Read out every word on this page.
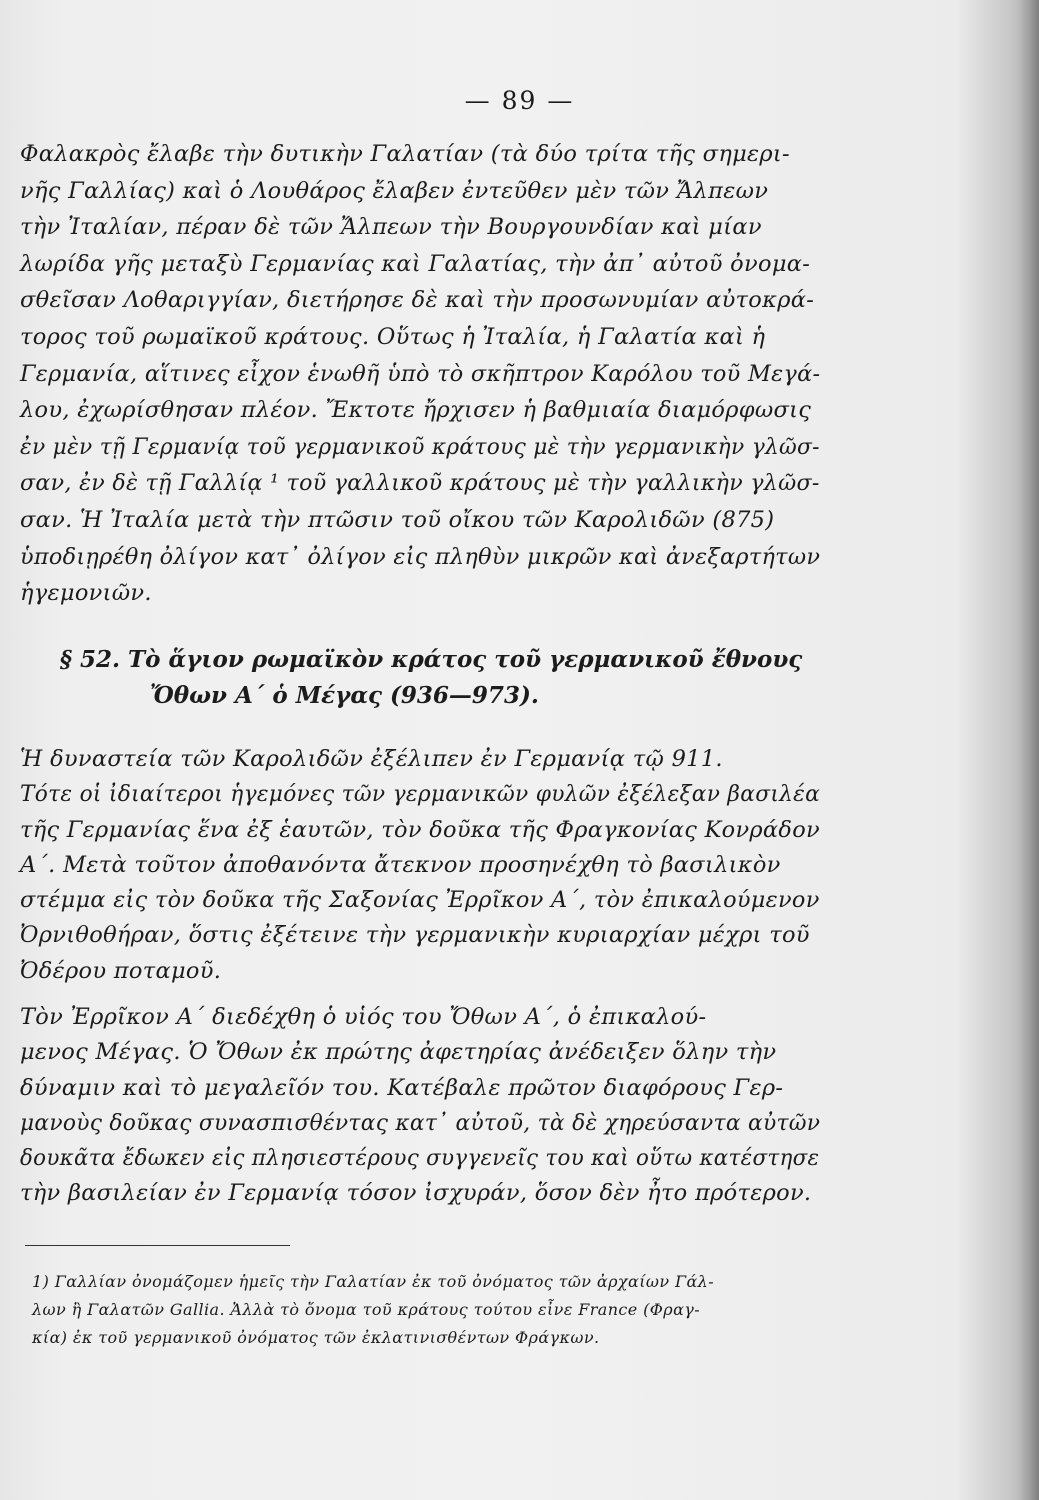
— 89 —
Φαλακρὸς ἔλαβε τὴν δυτικὴν Γαλατίαν (τὰ δύο τρίτα τῆς σημερι-
νῆς Γαλλίας) καὶ ὁ Λουθάρος ἔλαβεν ἐντεῦθεν μὲν τῶν Ἄλπεων
τὴν Ἰταλίαν, πέραν δὲ τῶν Ἄλπεων τὴν Βουργουνδίαν καὶ μίαν
λωρίδα γῆς μεταξὺ Γερμανίας καὶ Γαλατίας, τὴν ἀπ᾽ αὐτοῦ ὀνομα-
σθεῖσαν Λοθαριγγίαν, διετήρησε δὲ καὶ τὴν προσωνυμίαν αὐτοκρά-
τορος τοῦ ρωμαϊκοῦ κράτους. Οὕτως ἡ Ἰταλία, ἡ Γαλατία καὶ ἡ
Γερμανία, αἵτινες εἶχον ἑνωθῆ ὑπὸ τὸ σκῆπτρον Καρόλου τοῦ Μεγά-
λου, ἐχωρίσθησαν πλέον. Ἔκτοτε ἤρχισεν ἡ βαθμιαία διαμόρφωσις
ἐν μὲν τῇ Γερμανίᾳ τοῦ γερμανικοῦ κράτους μὲ τὴν γερμανικὴν γλῶσ-
σαν, ἐν δὲ τῇ Γαλλίᾳ ¹ τοῦ γαλλικοῦ κράτους μὲ τὴν γαλλικὴν γλῶσ-
σαν. Ἡ Ἰταλία μετὰ τὴν πτῶσιν τοῦ οἴκου τῶν Καρολιδῶν (875)
ὑποδιῃρέθη ὀλίγον κατ᾽ ὀλίγον εἰς πληθὺν μικρῶν καὶ ἀνεξαρτήτων
ἡγεμονιῶν.
§ 52. Τὸ ἅγιον ρωμαϊκὸν κράτος τοῦ γερμανικοῦ ἔθνους
Ὄθων Α΄ ὁ Μέγας (936—973).
Ἡ δυναστεία τῶν Καρολιδῶν ἐξέλιπεν ἐν Γερμανίᾳ τῷ 911.
Τότε οἱ ἰδιαίτεροι ἡγεμόνες τῶν γερμανικῶν φυλῶν ἐξέλεξαν βασιλέα
τῆς Γερμανίας ἕνα ἐξ ἑαυτῶν, τὸν δοῦκα τῆς Φραγκονίας Κονράδον
Α΄. Μετὰ τοῦτον ἀποθανόντα ἄτεκνον προσηνέχθη τὸ βασιλικὸν
στέμμα εἰς τὸν δοῦκα τῆς Σαξονίας Ἐρρῖκον Α΄, τὸν ἐπικαλούμενον
Ὀρνιθοθήραν, ὅστις ἐξέτεινε τὴν γερμανικὴν κυριαρχίαν μέχρι τοῦ
Ὀδέρου ποταμοῦ.
Τὸν Ἐρρῖκον Α΄ διεδέχθη ὁ υἱός του Ὄθων Α΄, ὁ ἐπικαλού-
μενος Μέγας. Ὁ Ὄθων ἐκ πρώτης ἀφετηρίας ἀνέδειξεν ὅλην τὴν
δύναμιν καὶ τὸ μεγαλεῖόν του. Κατέβαλε πρῶτον διαφόρους Γερ-
μανοὺς δοῦκας συνασπισθέντας κατ᾽ αὐτοῦ, τὰ δὲ χηρεύσαντα αὐτῶν
δουκᾶτα ἔδωκεν εἰς πλησιεστέρους συγγενεῖς του καὶ οὕτω κατέστησε
τὴν βασιλείαν ἐν Γερμανίᾳ τόσον ἰσχυράν, ὅσον δὲν ἦτο πρότερον.
1) Γαλλίαν ὀνομάζομεν ἡμεῖς τὴν Γαλατίαν ἐκ τοῦ ὀνόματος τῶν ἀρχαίων Γάλ-
λων ἢ Γαλατῶν Gallia. Ἀλλὰ τὸ ὄνομα τοῦ κράτους τούτου εἶνε France (Φραγ-
κία) ἐκ τοῦ γερμανικοῦ ὀνόματος τῶν ἐκλατινισθέντων Φράγκων.
